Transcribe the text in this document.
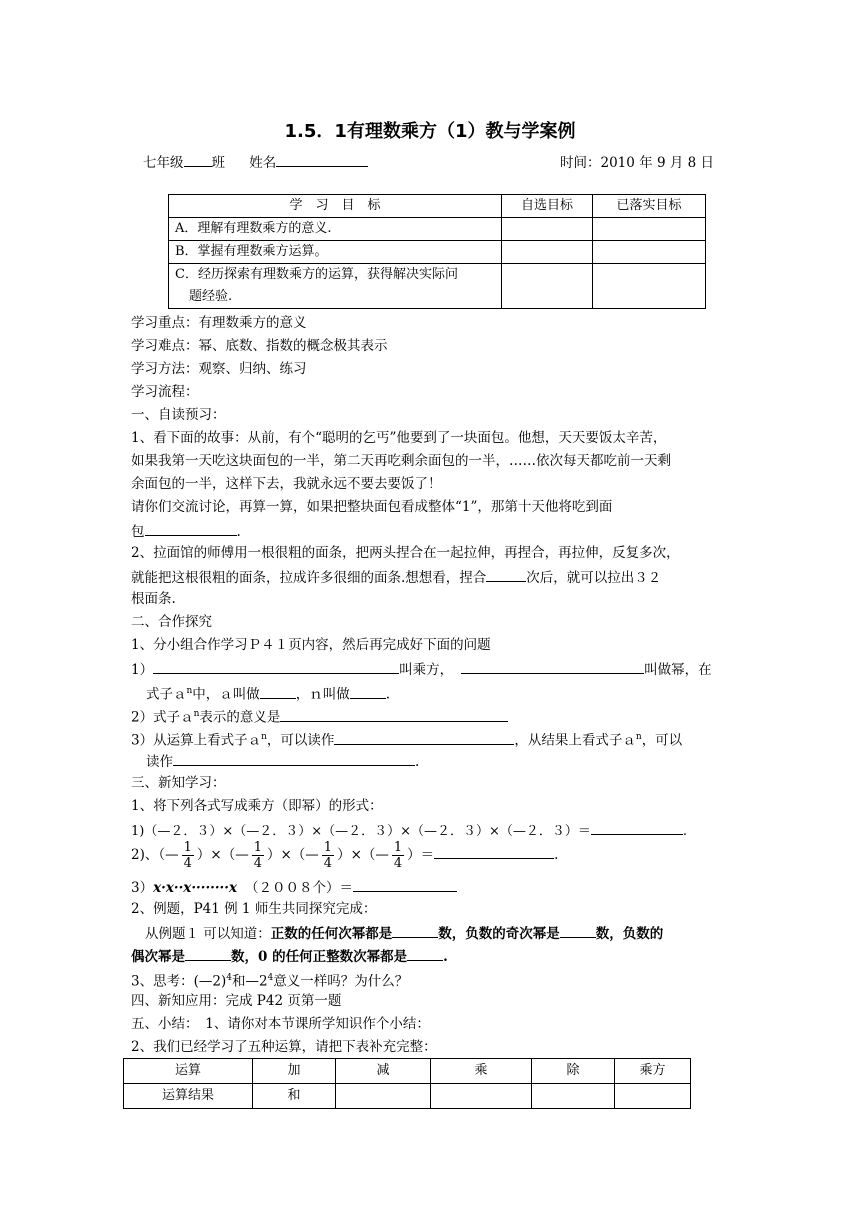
1.5．1有理数乘方（1）教与学案例
七年级 班 姓名	时间：2010 年 9 月 8 日
学　习　目　标	自选目标	已落实目标
A．理解有理数乘方的意义.		
B．掌握有理数乘方运算。		

C．经历探索有理数乘方的运算，获得解决实际问
题经验.		

学习重点：有理数乘方的意义
学习难点：幂、底数、指数的概念极其表示
学习方法：观察、归纳、练习
学习流程：
一、自读预习：
1、看下面的故事：从前，有个“聪明的乞丐”他要到了一块面包。他想，天天要饭太辛苦，
如果我第一天吃这块面包的一半，第二天再吃剩余面包的一半，……依次每天都吃前一天剩
余面包的一半，这样下去，我就永远不要去要饭了！
请你们交流讨论，再算一算，如果把整块面包看成整体“1”，那第十天他将吃到面
包	.
2、拉面馆的师傅用一根很粗的面条，把两头捏合在一起拉伸，再捏合，再拉伸，反复多次，
就能把这根很粗的面条，拉成许多很细的面条.想想看，捏合	次后，就可以拉出３２
根面条.
二、合作探究
1、分小组合作学习Ｐ４１页内容，然后再完成好下面的问题
1）	叫乘方，	叫做幂，在
式子ａ$^n$中，ａ叫做	，ｎ叫做	.
2）式子ａ$^n$表示的意义是
3）从运算上看式子ａ$^n$，可以读作	，从结果上看式子ａ$^n$，可以
读作	.
三、新知学习：
1、将下列各式写成乘方（即幂）的形式：
1)（—２．３）×（—２．３）×（—２．３）×（—２．３）×（—２．３）＝	.
2)、（— $\frac{1}{4}$ ）×（— $\frac{1}{4}$ ）×（— $\frac{1}{4}$ ）×（— $\frac{1}{4}$ ）＝	.
3）x·x··x········x （２００８个）＝
2、例题，P41 例 1 师生共同探究完成：
从例题１ 可以知道：正数的任何次幂都是	数，负数的奇次幂是	数，负数的
偶次幂是	数，0 的任何正整数次幂都是	.
3、思考：(—2)$^4$和$—2^4$意义一样吗？为什么？
四、新知应用：完成 P42 页第一题
五、小结：　1、请你对本节课所学知识作个小结：
2、我们已经学习了五种运算，请把下表补充完整：
运算	加	减	乘	除	乘方
运算结果	和				
